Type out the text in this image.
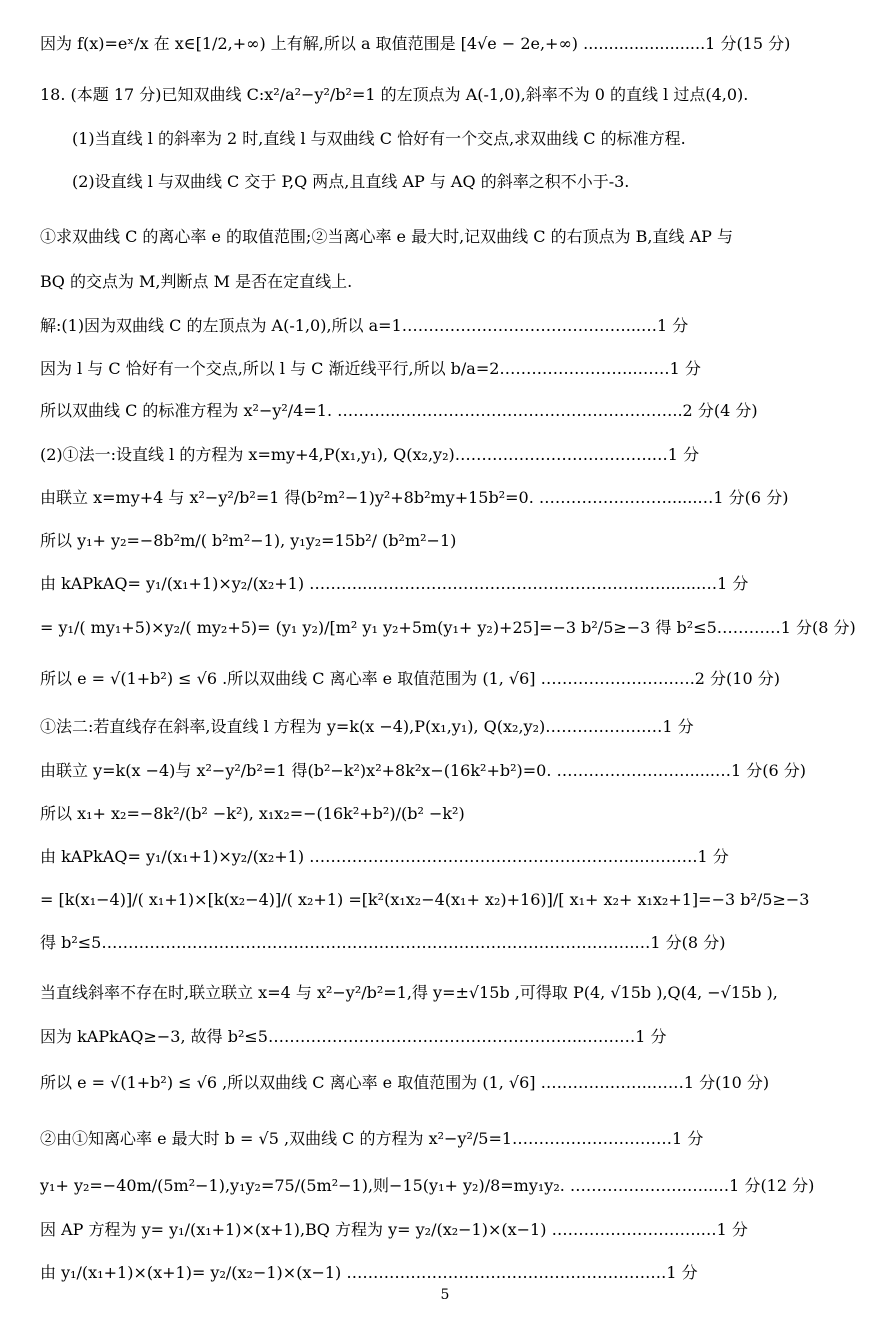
因为 f(x)=eˣ/x 在 x∈[1/2,+∞) 上有解,所以 a 取值范围是 [4√e − 2e,+∞) ........................1 分(15 分)
18. (本题 17 分)已知双曲线 C:x²/a²−y²/b²=1 的左顶点为 A(-1,0),斜率不为 0 的直线 l 过点(4,0).
(1)当直线 l 的斜率为 2 时,直线 l 与双曲线 C 恰好有一个交点,求双曲线 C 的标准方程.
(2)设直线 l 与双曲线 C 交于 P,Q 两点,且直线 AP 与 AQ 的斜率之积不小于-3.
①求双曲线 C 的离心率 e 的取值范围;②当离心率 e 最大时,记双曲线 C 的右顶点为 B,直线 AP 与
BQ 的交点为 M,判断点 M 是否在定直线上.
解:(1)因为双曲线 C 的左顶点为 A(-1,0),所以 a=1……………………………………...…1 分
因为 l 与 C 恰好有一个交点,所以 l 与 C 渐近线平行,所以 b/a=2……………………..……1 分
所以双曲线 C 的标准方程为 x²−y²/4=1. ………...……………………………………………..2 分(4 分)
(2)①法一:设直线 l 的方程为 x=my+4,P(x₁,y₁), Q(x₂,y₂)……………………………….…1 分
由联立 x=my+4 与 x²−y²/b²=1 得(b²m²−1)y²+8b²my+15b²=0. ……………………......…1 分(6 分)
所以 y₁+ y₂=−8b²m/( b²m²−1), y₁y₂=15b²/ (b²m²−1)
由 kAPkAQ= y₁/(x₁+1)×y₂/(x₂+1) ………...………………………………………………........…1 分
= y₁/( my₁+5)×y₂/( my₂+5)= (y₁ y₂)/[m² y₁ y₂+5m(y₁+ y₂)+25]=−3 b²/5≥−3 得 b²≤5…………1 分(8 分)
所以 e = √(1+b²) ≤ √6 .所以双曲线 C 离心率 e 取值范围为 (1, √6] …………………….….2 分(10 分)
①法二:若直线存在斜率,设直线 l 方程为 y=k(x −4),P(x₁,y₁), Q(x₂,y₂)……………….…1 分
由联立 y=k(x −4)与 x²−y²/b²=1 得(b²−k²)x²+8k²x−(16k²+b²)=0. ……………………......…1 分(6 分)
所以 x₁+ x₂=−8k²/(b² −k²), x₁x₂=−(16k²+b²)/(b² −k²)
由 kAPkAQ= y₁/(x₁+1)×y₂/(x₂+1) ……………………………………………………...……….1 分
= [k(x₁−4)]/( x₁+1)×[k(x₂−4)]/( x₂+1) =[k²(x₁x₂−4(x₁+ x₂)+16)]/[ x₁+ x₂+ x₁x₂+1]=−3 b²/5≥−3
得 b²≤5……………………………………………………………………………………….…1 分(8 分)
当直线斜率不存在时,联立联立 x=4 与 x²−y²/b²=1,得 y=±√15b ,可得取 P(4, √15b ),Q(4, −√15b ),
因为 kAPkAQ≥−3, 故得 b²≤5…………………………………………………...………1 分
所以 e = √(1+b²) ≤ √6 ,所以双曲线 C 离心率 e 取值范围为 (1, √6] ………….……..……1 分(10 分)
②由①知离心率 e 最大时 b = √5 ,双曲线 C 的方程为 x²−y²/5=1…………………………1 分
y₁+ y₂=−40m/(5m²−1),y₁y₂=75/(5m²−1),则−15(y₁+ y₂)/8=my₁y₂. ………………….…..…1 分(12 分)
因 AP 方程为 y= y₁/(x₁+1)×(x+1),BQ 方程为 y= y₂/(x₂−1)×(x−1) ……………………….…1 分
由 y₁/(x₁+1)×(x+1)= y₂/(x₂−1)×(x−1) ……………………………………………………1 分
5
